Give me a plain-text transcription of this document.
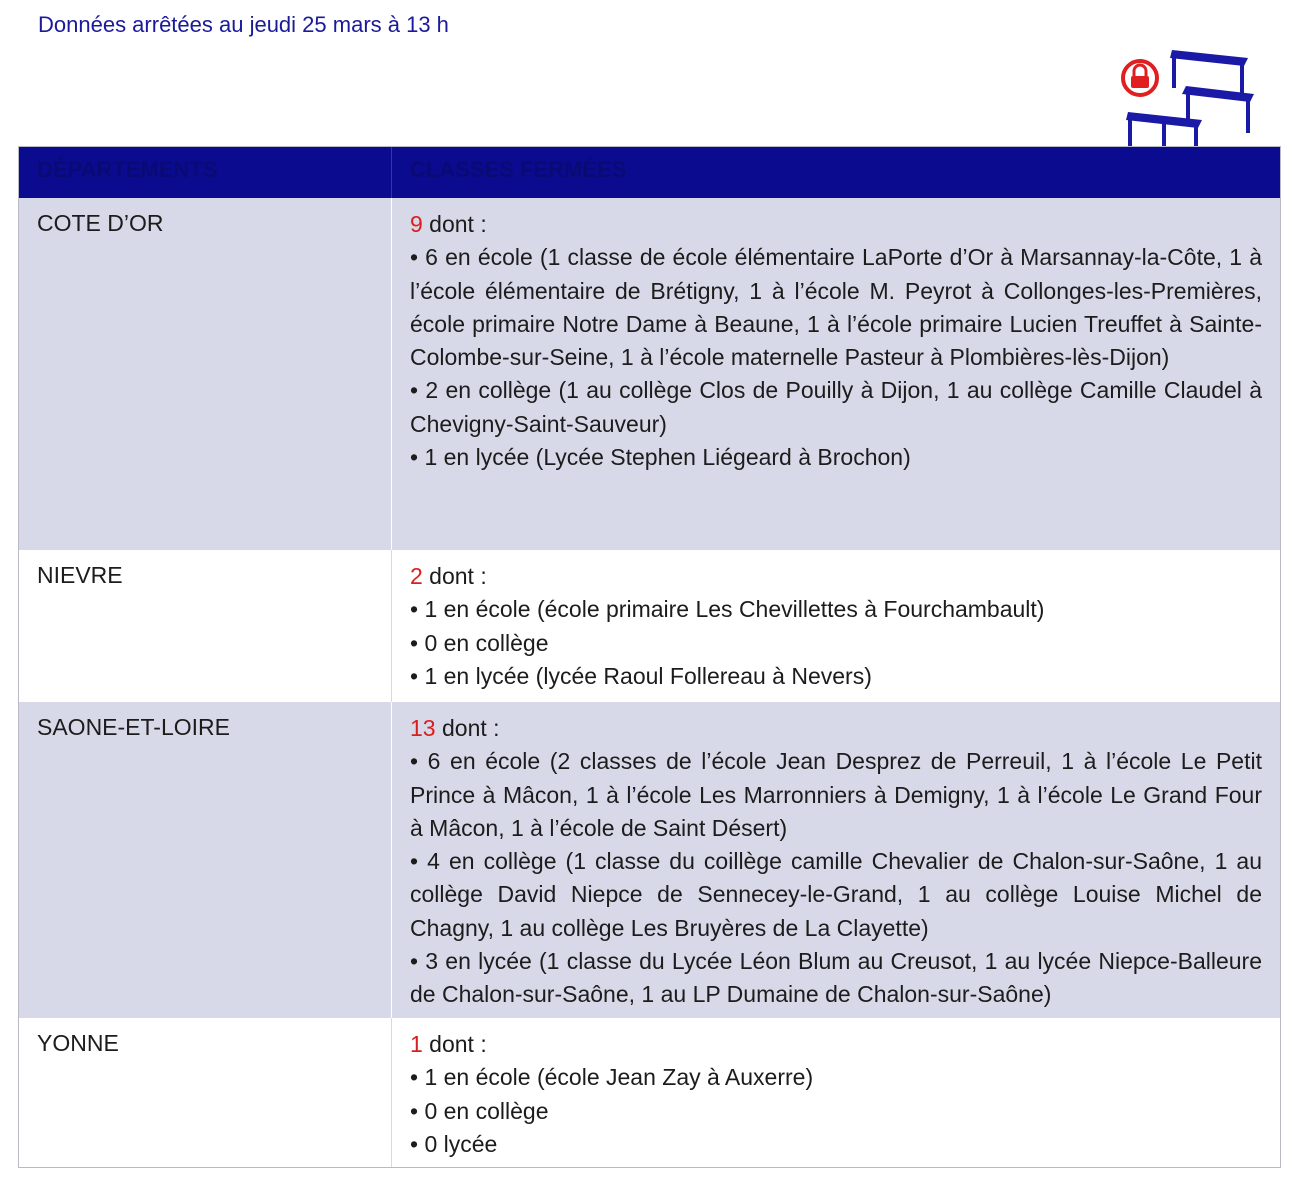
Données arrêtées au jeudi 25 mars à 13 h
DÉPARTEMENTS	CLASSES FERMÉES
COTE D’OR	9 dont :
• 6 en école (1 classe de école élémentaire LaPorte d’Or à Marsannay-la-Côte, 1 à l’école élémentaire de Brétigny, 1 à l’école M. Peyrot à Collonges-les-Premières, école primaire Notre Dame à Beaune, 1 à l’école primaire Lucien Treuffet à Sainte-Colombe-sur-Seine, 1 à l’école maternelle Pasteur à Plombières-lès-Dijon)
• 2 en collège (1 au collège Clos de Pouilly à Dijon, 1 au collège Camille Claudel à Chevigny-Saint-Sauveur)
• 1 en lycée (Lycée Stephen Liégeard à Brochon)
NIEVRE	2 dont :
• 1 en école (école primaire Les Chevillettes à Fourchambault)
• 0 en collège
• 1 en lycée (lycée Raoul Follereau à Nevers)
SAONE-ET-LOIRE	13 dont :
• 6 en école (2 classes de l’école Jean Desprez de Perreuil, 1 à l’école Le Petit Prince à Mâcon, 1 à l’école Les Marronniers à Demigny, 1 à l’école Le Grand Four à Mâcon, 1 à l’école de Saint Désert)
• 4 en collège (1 classe du coillège camille Chevalier de Chalon-sur-Saône, 1 au collège David Niepce de Sennecey-le-Grand, 1 au collège Louise Michel de Chagny, 1 au collège Les Bruyères de La Clayette)
• 3 en lycée (1 classe du Lycée Léon Blum au Creusot, 1 au lycée Niepce-Balleure de Chalon-sur-Saône, 1 au LP Dumaine de Chalon-sur-Saône)
YONNE	1 dont :
• 1 en école (école Jean Zay à Auxerre)
• 0 en collège
• 0 lycée
